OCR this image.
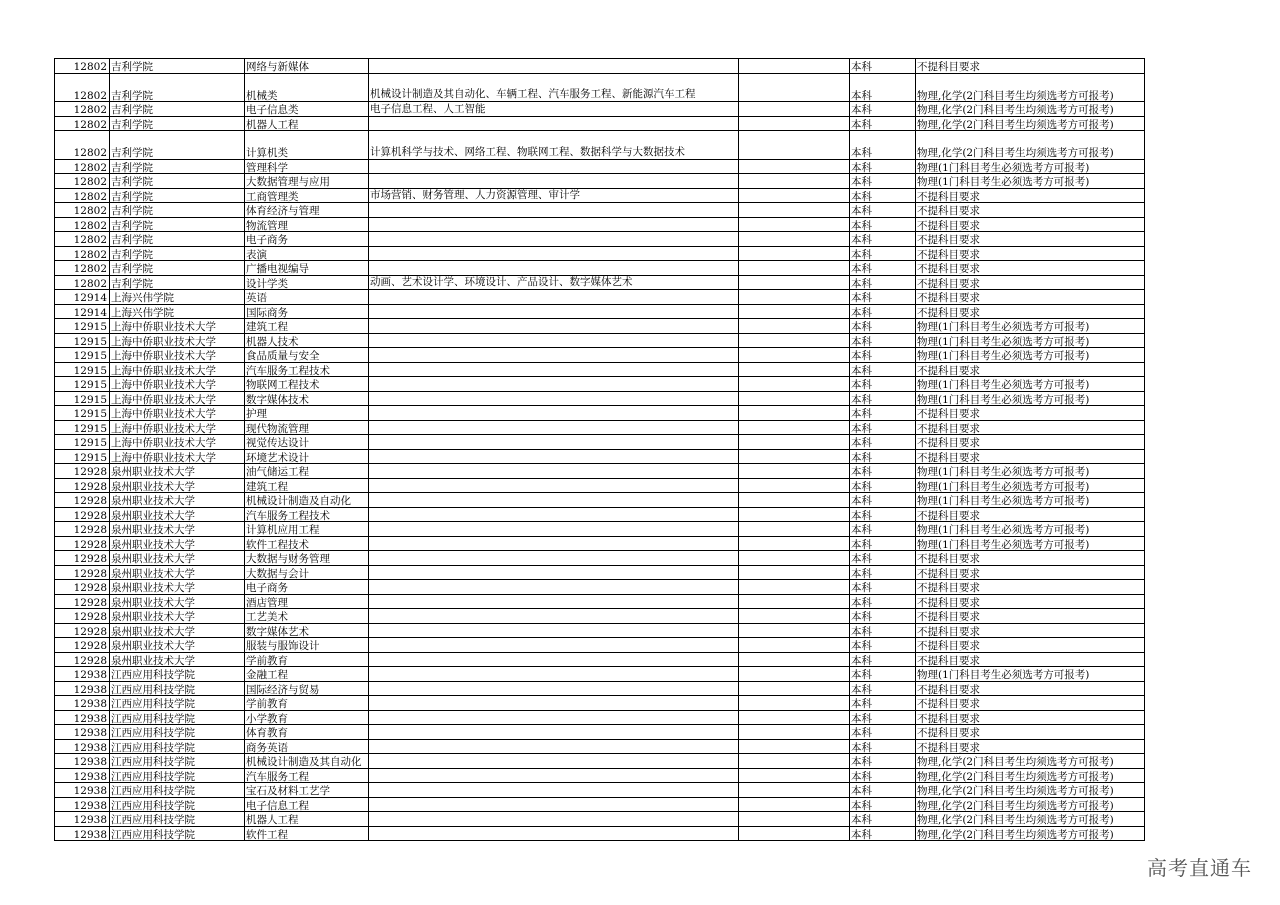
12802	吉利学院	网络与新媒体			本科	不提科目要求
12802	吉利学院	机械类	机械设计制造及其自动化、车辆工程、汽车服务工程、新能源汽车工程		本科	物理,化学(2门科目考生均须选考方可报考)
12802	吉利学院	电子信息类	电子信息工程、人工智能		本科	物理,化学(2门科目考生均须选考方可报考)
12802	吉利学院	机器人工程			本科	物理,化学(2门科目考生均须选考方可报考)
12802	吉利学院	计算机类	计算机科学与技术、网络工程、物联网工程、数据科学与大数据技术		本科	物理,化学(2门科目考生均须选考方可报考)
12802	吉利学院	管理科学			本科	物理(1门科目考生必须选考方可报考)
12802	吉利学院	大数据管理与应用			本科	物理(1门科目考生必须选考方可报考)
12802	吉利学院	工商管理类	市场营销、财务管理、人力资源管理、审计学		本科	不提科目要求
12802	吉利学院	体育经济与管理			本科	不提科目要求
12802	吉利学院	物流管理			本科	不提科目要求
12802	吉利学院	电子商务			本科	不提科目要求
12802	吉利学院	表演			本科	不提科目要求
12802	吉利学院	广播电视编导			本科	不提科目要求
12802	吉利学院	设计学类	动画、艺术设计学、环境设计、产品设计、数字媒体艺术		本科	不提科目要求
12914	上海兴伟学院	英语			本科	不提科目要求
12914	上海兴伟学院	国际商务			本科	不提科目要求
12915	上海中侨职业技术大学	建筑工程			本科	物理(1门科目考生必须选考方可报考)
12915	上海中侨职业技术大学	机器人技术			本科	物理(1门科目考生必须选考方可报考)
12915	上海中侨职业技术大学	食品质量与安全			本科	物理(1门科目考生必须选考方可报考)
12915	上海中侨职业技术大学	汽车服务工程技术			本科	不提科目要求
12915	上海中侨职业技术大学	物联网工程技术			本科	物理(1门科目考生必须选考方可报考)
12915	上海中侨职业技术大学	数字媒体技术			本科	物理(1门科目考生必须选考方可报考)
12915	上海中侨职业技术大学	护理			本科	不提科目要求
12915	上海中侨职业技术大学	现代物流管理			本科	不提科目要求
12915	上海中侨职业技术大学	视觉传达设计			本科	不提科目要求
12915	上海中侨职业技术大学	环境艺术设计			本科	不提科目要求
12928	泉州职业技术大学	油气储运工程			本科	物理(1门科目考生必须选考方可报考)
12928	泉州职业技术大学	建筑工程			本科	物理(1门科目考生必须选考方可报考)
12928	泉州职业技术大学	机械设计制造及自动化			本科	物理(1门科目考生必须选考方可报考)
12928	泉州职业技术大学	汽车服务工程技术			本科	不提科目要求
12928	泉州职业技术大学	计算机应用工程			本科	物理(1门科目考生必须选考方可报考)
12928	泉州职业技术大学	软件工程技术			本科	物理(1门科目考生必须选考方可报考)
12928	泉州职业技术大学	大数据与财务管理			本科	不提科目要求
12928	泉州职业技术大学	大数据与会计			本科	不提科目要求
12928	泉州职业技术大学	电子商务			本科	不提科目要求
12928	泉州职业技术大学	酒店管理			本科	不提科目要求
12928	泉州职业技术大学	工艺美术			本科	不提科目要求
12928	泉州职业技术大学	数字媒体艺术			本科	不提科目要求
12928	泉州职业技术大学	服装与服饰设计			本科	不提科目要求
12928	泉州职业技术大学	学前教育			本科	不提科目要求
12938	江西应用科技学院	金融工程			本科	物理(1门科目考生必须选考方可报考)
12938	江西应用科技学院	国际经济与贸易			本科	不提科目要求
12938	江西应用科技学院	学前教育			本科	不提科目要求
12938	江西应用科技学院	小学教育			本科	不提科目要求
12938	江西应用科技学院	体育教育			本科	不提科目要求
12938	江西应用科技学院	商务英语			本科	不提科目要求
12938	江西应用科技学院	机械设计制造及其自动化			本科	物理,化学(2门科目考生均须选考方可报考)
12938	江西应用科技学院	汽车服务工程			本科	物理,化学(2门科目考生均须选考方可报考)
12938	江西应用科技学院	宝石及材料工艺学			本科	物理,化学(2门科目考生均须选考方可报考)
12938	江西应用科技学院	电子信息工程			本科	物理,化学(2门科目考生均须选考方可报考)
12938	江西应用科技学院	机器人工程			本科	物理,化学(2门科目考生均须选考方可报考)
12938	江西应用科技学院	软件工程			本科	物理,化学(2门科目考生均须选考方可报考)
高考直通车
